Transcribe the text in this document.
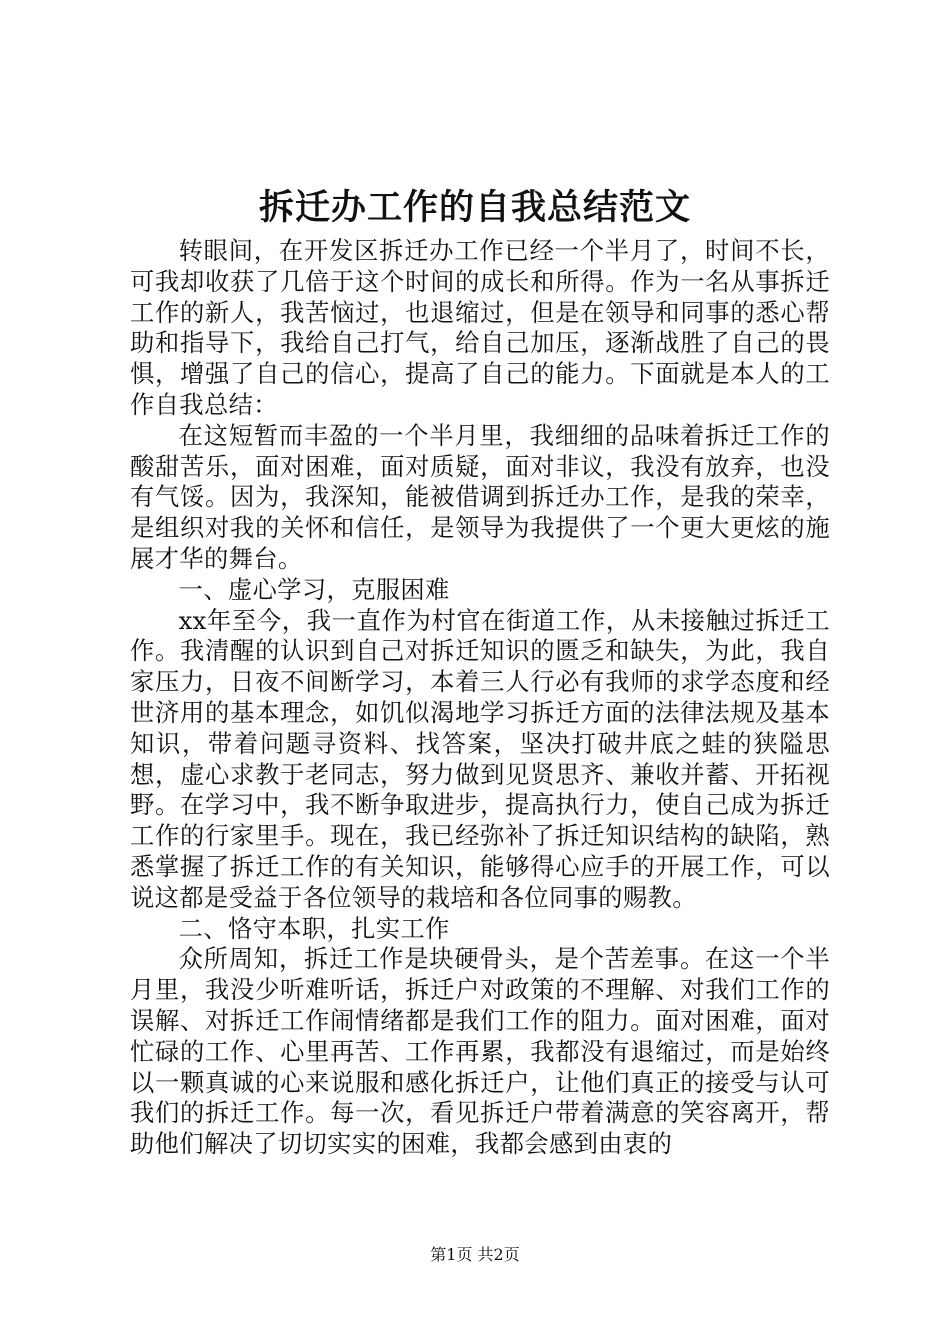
拆迁办工作的自我总结范文

转眼间，在开发区拆迁办工作已经一个半月了，时间不长，可我却收获了几倍于这个时间的成长和所得。作为一名从事拆迁工作的新人，我苦恼过，也退缩过，但是在领导和同事的悉心帮助和指导下，我给自己打气，给自己加压，逐渐战胜了自己的畏惧，增强了自己的信心，提高了自己的能力。下面就是本人的工作自我总结：

在这短暂而丰盈的一个半月里，我细细的品味着拆迁工作的酸甜苦乐，面对困难，面对质疑，面对非议，我没有放弃，也没有气馁。因为，我深知，能被借调到拆迁办工作，是我的荣幸，是组织对我的关怀和信任，是领导为我提供了一个更大更炫的施展才华的舞台。

一、虚心学习，克服困难

xx年至今，我一直作为村官在街道工作，从未接触过拆迁工作。我清醒的认识到自己对拆迁知识的匮乏和缺失，为此，我自家压力，日夜不间断学习，本着三人行必有我师的求学态度和经世济用的基本理念，如饥似渴地学习拆迁方面的法律法规及基本知识，带着问题寻资料、找答案，坚决打破井底之蛙的狭隘思想，虚心求教于老同志，努力做到见贤思齐、兼收并蓄、开拓视野。在学习中，我不断争取进步，提高执行力，使自己成为拆迁工作的行家里手。现在，我已经弥补了拆迁知识结构的缺陷，熟悉掌握了拆迁工作的有关知识，能够得心应手的开展工作，可以说这都是受益于各位领导的栽培和各位同事的赐教。

二、恪守本职，扎实工作

众所周知，拆迁工作是块硬骨头，是个苦差事。在这一个半月里，我没少听难听话，拆迁户对政策的不理解、对我们工作的误解、对拆迁工作闹情绪都是我们工作的阻力。面对困难，面对忙碌的工作、心里再苦、工作再累，我都没有退缩过，而是始终以一颗真诚的心来说服和感化拆迁户，让他们真正的接受与认可我们的拆迁工作。每一次，看见拆迁户带着满意的笑容离开，帮助他们解决了切切实实的困难，我都会感到由衷的

第1页 共2页
